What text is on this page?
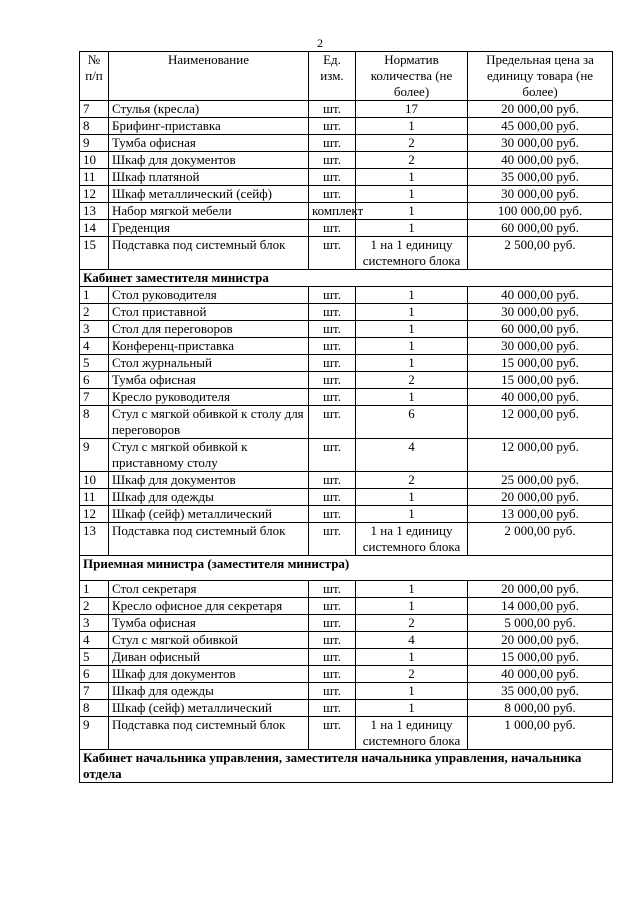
2
№ п/п	Наименование	Ед. изм.	Норматив количества (не более)	Предельная цена за единицу товара (не более)
7	Стулья (кресла)	шт.	17	20 000,00 руб.
8	Брифинг-приставка	шт.	1	45 000,00 руб.
9	Тумба офисная	шт.	2	30 000,00 руб.
10	Шкаф для документов	шт.	2	40 000,00 руб.
11	Шкаф платяной	шт.	1	35 000,00 руб.
12	Шкаф металлический (сейф)	шт.	1	30 000,00 руб.
13	Набор мягкой мебели	комплект	1	100 000,00 руб.
14	Греденция	шт.	1	60 000,00 руб.
15	Подставка под системный блок	шт.	1 на 1 единицу системного блока	2 500,00 руб.
Кабинет заместителя министра				
1	Стол руководителя	шт.	1	40 000,00 руб.
2	Стол приставной	шт.	1	30 000,00 руб.
3	Стол для переговоров	шт.	1	60 000,00 руб.
4	Конференц-приставка	шт.	1	30 000,00 руб.
5	Стол журнальный	шт.	1	15 000,00 руб.
6	Тумба офисная	шт.	2	15 000,00 руб.
7	Кресло руководителя	шт.	1	40 000,00 руб.
8	Стул с мягкой обивкой к столу для переговоров	шт.	6	12 000,00 руб.
9	Стул с мягкой обивкой к приставному столу	шт.	4	12 000,00 руб.
10	Шкаф для документов	шт.	2	25 000,00 руб.
11	Шкаф для одежды	шт.	1	20 000,00 руб.
12	Шкаф (сейф) металлический	шт.	1	13 000,00 руб.
13	Подставка под системный блок	шт.	1 на 1 единицу системного блока	2 000,00 руб.
Приемная министра (заместителя министра)				
1	Стол секретаря	шт.	1	20 000,00 руб.
2	Кресло офисное для секретаря	шт.	1	14 000,00 руб.
3	Тумба офисная	шт.	2	5 000,00 руб.
4	Стул с мягкой обивкой	шт.	4	20 000,00 руб.
5	Диван офисный	шт.	1	15 000,00 руб.
6	Шкаф для документов	шт.	2	40 000,00 руб.
7	Шкаф для одежды	шт.	1	35 000,00 руб.
8	Шкаф (сейф) металлический	шт.	1	8 000,00 руб.
9	Подставка под системный блок	шт.	1 на 1 единицу системного блока	1 000,00 руб.
Кабинет начальника управления, заместителя начальника управления, начальника отдела				
